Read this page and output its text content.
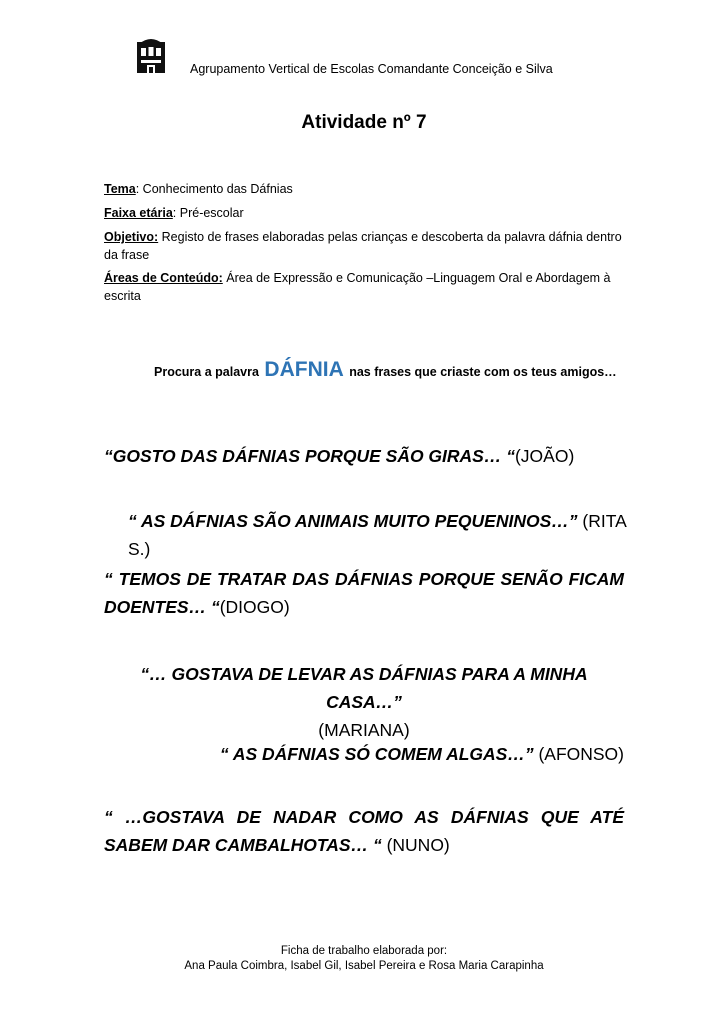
Agrupamento Vertical de Escolas Comandante Conceição e Silva
Atividade nº 7
Tema: Conhecimento das Dáfnias
Faixa etária: Pré-escolar
Objetivo: Registo de frases elaboradas pelas crianças e descoberta da palavra dáfnia dentro da frase
Áreas de Conteúdo: Área de Expressão e Comunicação –Linguagem Oral e Abordagem à escrita
Procura a palavra DÁFNIA nas frases que criaste com os teus amigos…
“GOSTO DAS DÁFNIAS PORQUE SÃO GIRAS… “(JOÃO)
“ AS DÁFNIAS SÃO ANIMAIS MUITO PEQUENINOS…” (RITA S.)
“ TEMOS DE TRATAR DAS DÁFNIAS PORQUE SENÃO FICAM DOENTES… “(DIOGO)
“… GOSTAVA DE LEVAR AS DÁFNIAS PARA A MINHA CASA…”
(MARIANA)
“ AS DÁFNIAS SÓ COMEM ALGAS…” (AFONSO)
“ …GOSTAVA DE NADAR COMO AS DÁFNIAS QUE ATÉ SABEM DAR CAMBALHOTAS… “ (NUNO)
Ficha de trabalho elaborada por:
Ana Paula Coimbra, Isabel Gil, Isabel Pereira e Rosa Maria Carapinha
